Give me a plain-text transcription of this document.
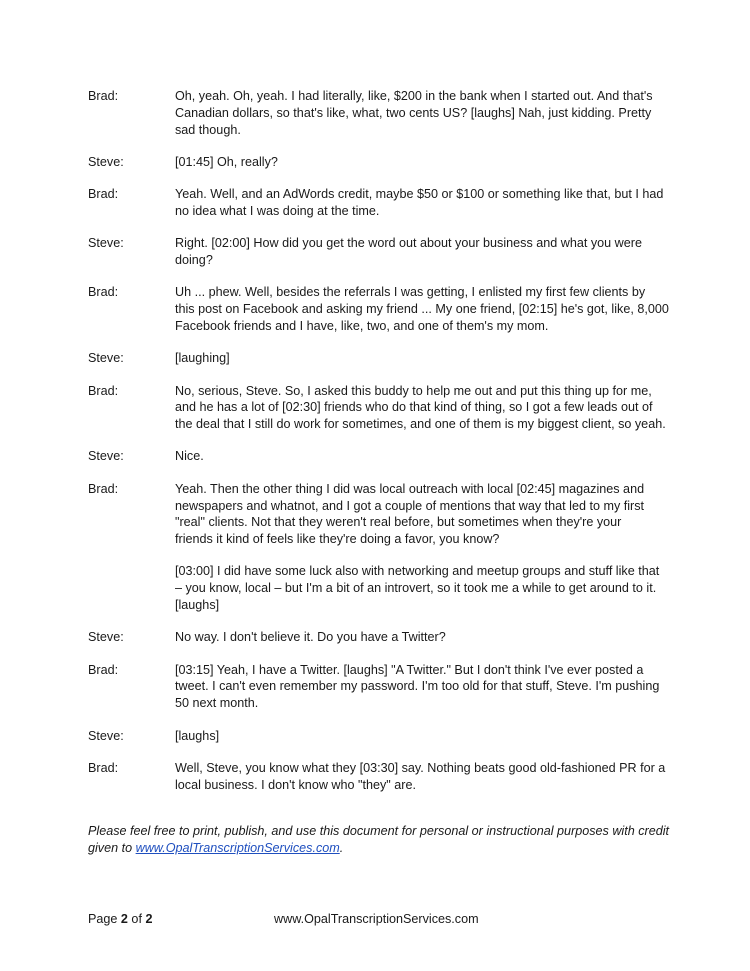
Brad:	Oh, yeah. Oh, yeah. I had literally, like, $200 in the bank when I started out. And that's
Canadian dollars, so that's like, what, two cents US? [laughs] Nah, just kidding. Pretty
sad though.

Steve:	[01:45] Oh, really?

Brad:	Yeah. Well, and an AdWords credit, maybe $50 or $100 or something like that, but I had
no idea what I was doing at the time.

Steve:	Right. [02:00] How did you get the word out about your business and what you were
doing?

Brad:	Uh ... phew. Well, besides the referrals I was getting, I enlisted my first few clients by
this post on Facebook and asking my friend ... My one friend, [02:15] he's got, like, 8,000
Facebook friends and I have, like, two, and one of them's my mom.

Steve:	[laughing]

Brad:	No, serious, Steve. So, I asked this buddy to help me out and put this thing up for me,
and he has a lot of [02:30] friends who do that kind of thing, so I got a few leads out of
the deal that I still do work for sometimes, and one of them is my biggest client, so yeah.

Steve:	Nice.

Brad:	Yeah. Then the other thing I did was local outreach with local [02:45] magazines and
newspapers and whatnot, and I got a couple of mentions that way that led to my first
"real" clients. Not that they weren't real before, but sometimes when they're your
friends it kind of feels like they're doing a favor, you know?

[03:00] I did have some luck also with networking and meetup groups and stuff like that
– you know, local – but I'm a bit of an introvert, so it took me a while to get around to it.
[laughs]

Steve:	No way. I don't believe it. Do you have a Twitter?

Brad:	[03:15] Yeah, I have a Twitter. [laughs] "A Twitter." But I don't think I've ever posted a
tweet. I can't even remember my password. I'm too old for that stuff, Steve. I'm pushing
50 next month.

Steve:	[laughs]

Brad:	Well, Steve, you know what they [03:30] say. Nothing beats good old-fashioned PR for a
local business. I don't know who "they" are.

Please feel free to print, publish, and use this document for personal or instructional purposes with credit
given to www.OpalTranscriptionServices.com.
Page 2 of 2	www.OpalTranscriptionServices.com
